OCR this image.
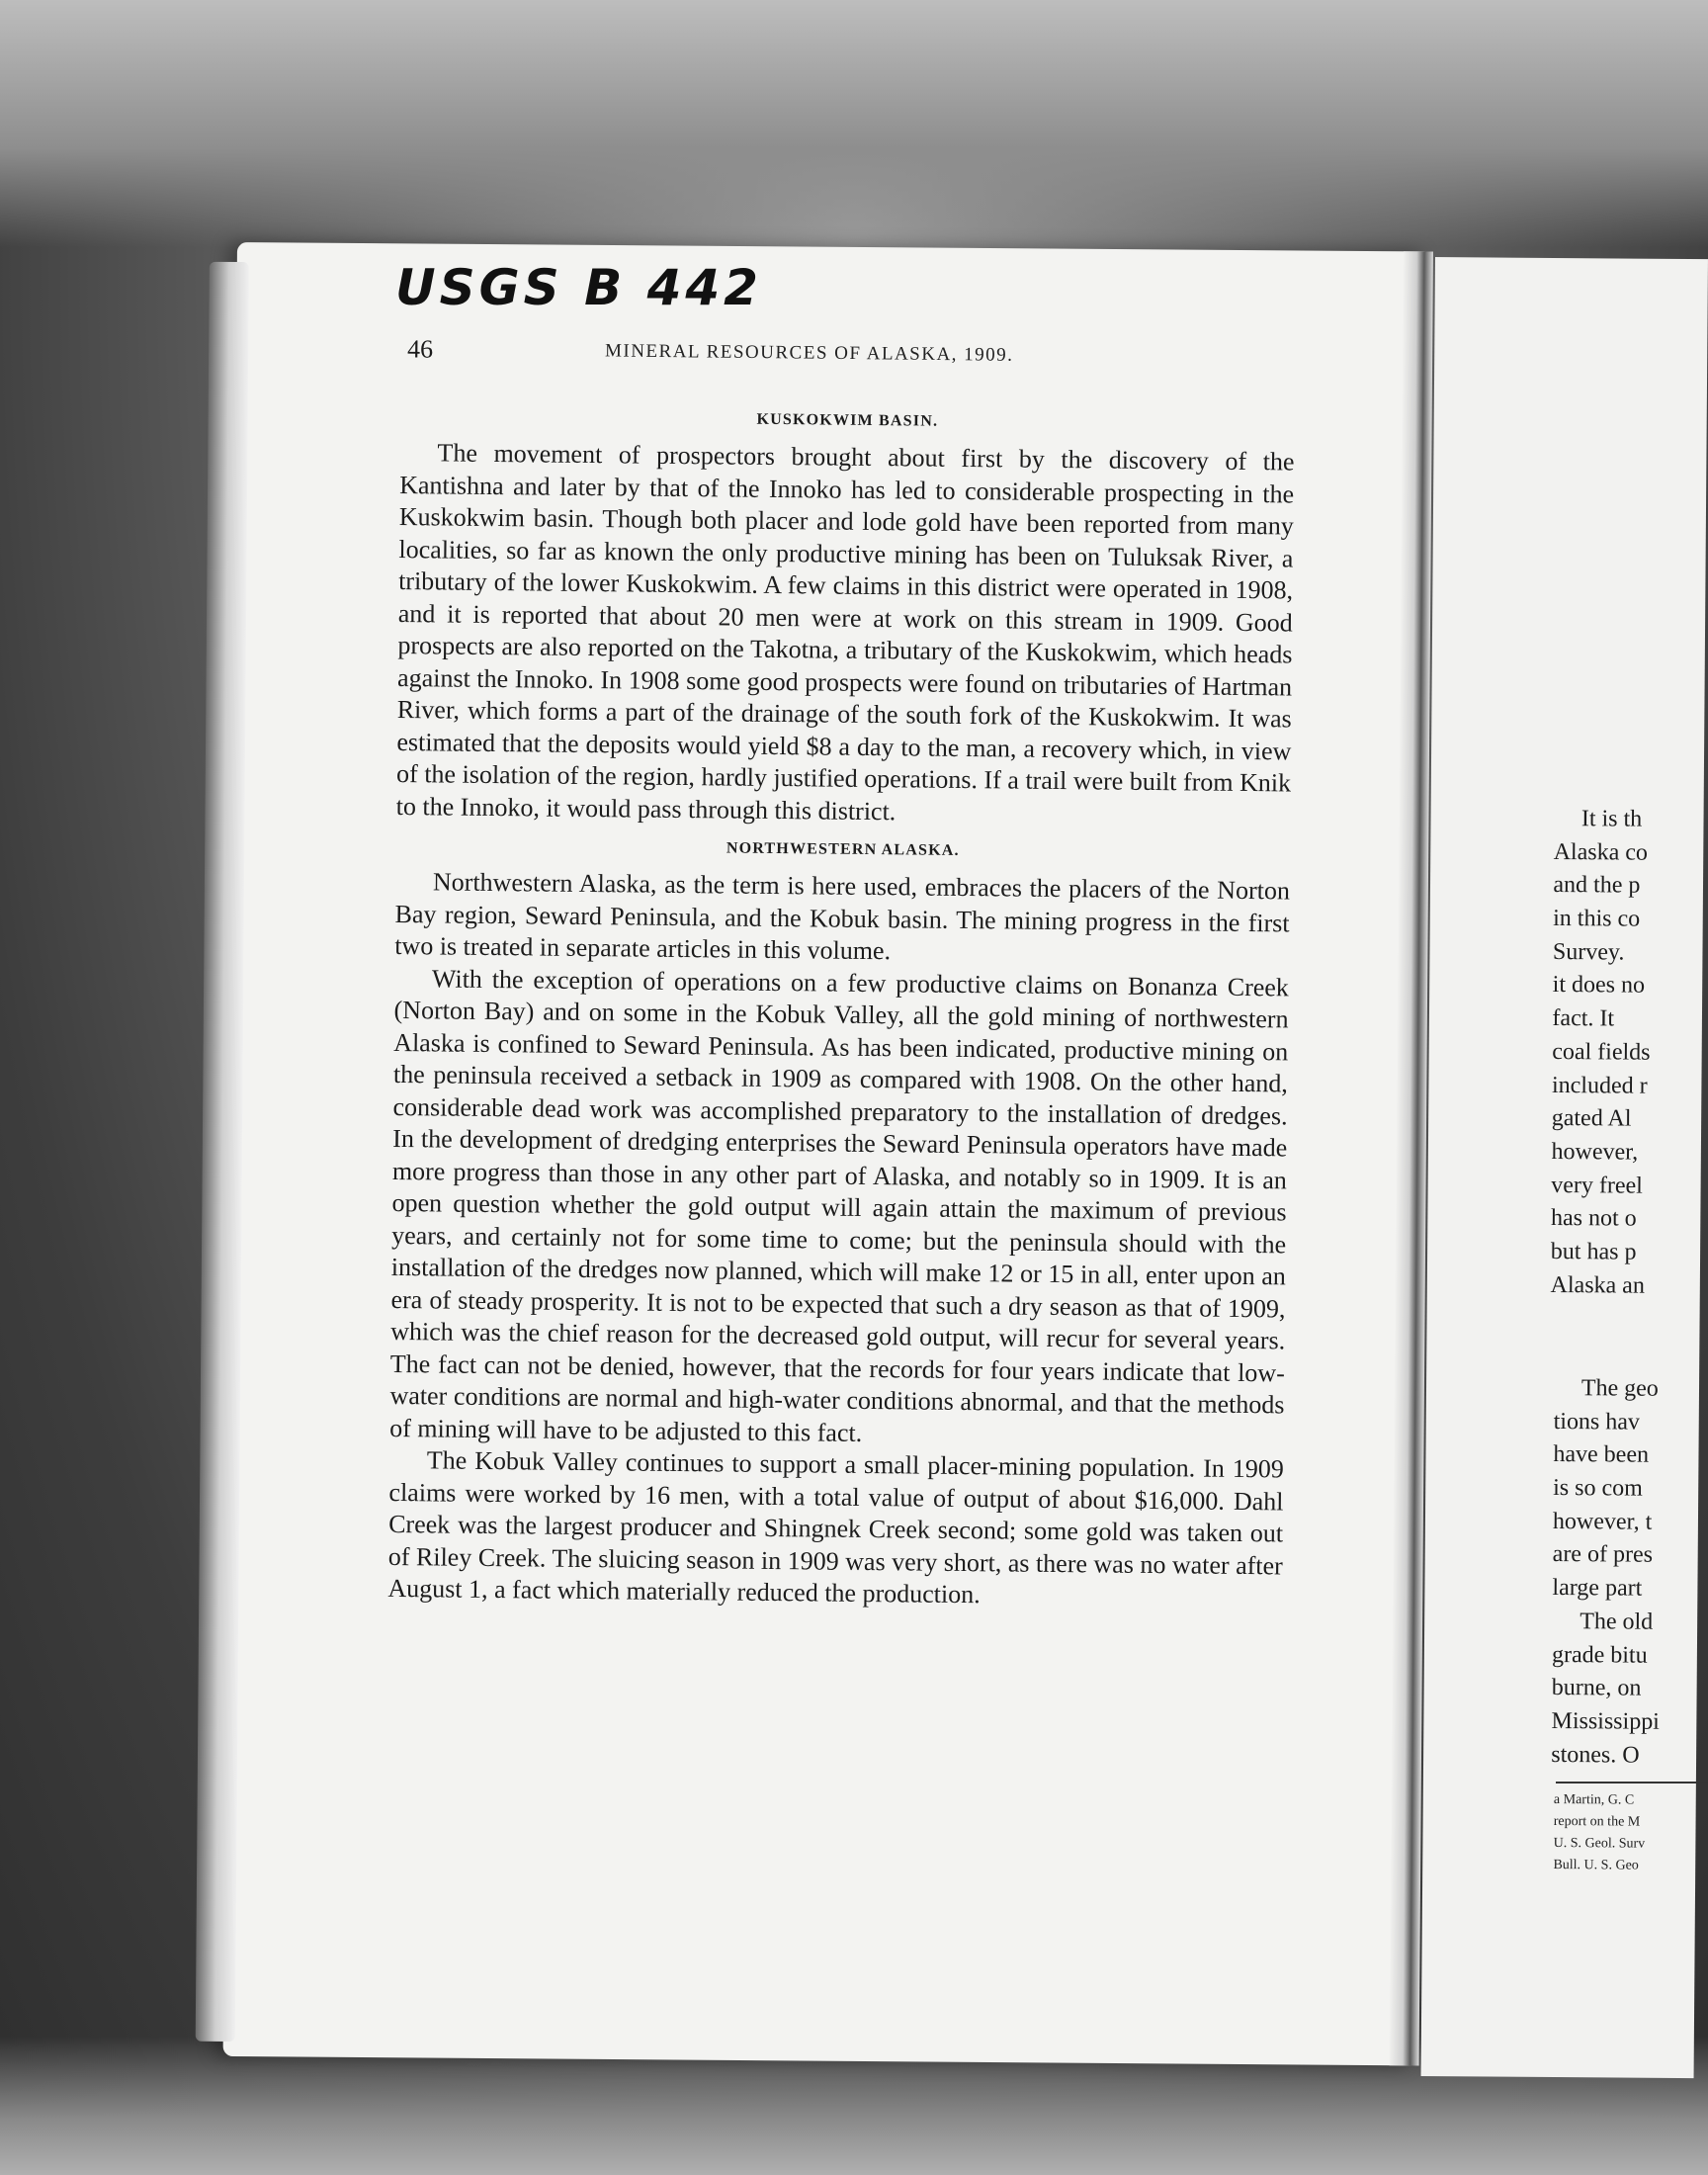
USGS B 442
46	MINERAL RESOURCES OF ALASKA, 1909.
KUSKOKWIM BASIN.

The movement of prospectors brought about first by the discovery of the Kantishna and later by that of the Innoko has led to considerable prospecting in the Kuskokwim basin. Though both placer and lode gold have been reported from many localities, so far as known the only productive mining has been on Tuluksak River, a tributary of the lower Kuskokwim. A few claims in this district were operated in 1908, and it is reported that about 20 men were at work on this stream in 1909. Good prospects are also reported on the Takotna, a tributary of the Kuskokwim, which heads against the Innoko. In 1908 some good prospects were found on tributaries of Hartman River, which forms a part of the drainage of the south fork of the Kuskokwim. It was estimated that the deposits would yield $8 a day to the man, a recovery which, in view of the isolation of the region, hardly justified operations. If a trail were built from Knik to the Innoko, it would pass through this district.

NORTHWESTERN ALASKA.

Northwestern Alaska, as the term is here used, embraces the placers of the Norton Bay region, Seward Peninsula, and the Kobuk basin. The mining progress in the first two is treated in separate articles in this volume.

With the exception of operations on a few productive claims on Bonanza Creek (Norton Bay) and on some in the Kobuk Valley, all the gold mining of northwestern Alaska is confined to Seward Peninsula. As has been indicated, productive mining on the peninsula received a setback in 1909 as compared with 1908. On the other hand, considerable dead work was accomplished preparatory to the installation of dredges. In the development of dredging enterprises the Seward Peninsula operators have made more progress than those in any other part of Alaska, and notably so in 1909. It is an open question whether the gold output will again attain the maximum of previous years, and certainly not for some time to come; but the peninsula should with the installation of the dredges now planned, which will make 12 or 15 in all, enter upon an era of steady prosperity. It is not to be expected that such a dry season as that of 1909, which was the chief reason for the decreased gold output, will recur for several years. The fact can not be denied, however, that the records for four years indicate that low-water conditions are normal and high-water conditions abnormal, and that the methods of mining will have to be adjusted to this fact.

The Kobuk Valley continues to support a small placer-mining population. In 1909 claims were worked by 16 men, with a total value of output of about $16,000. Dahl Creek was the largest producer and Shingnek Creek second; some gold was taken out of Riley Creek. The sluicing season in 1909 was very short, as there was no water after August 1, a fact which materially reduced the production.

It is th
Alaska co
and the p
in this co
Survey.
it does no
fact. It
coal fields
included r
gated Al
however,
very freel
has not o
but has p
Alaska an
The geo
tions hav
have been
is so com
however, t
are of pres
large part
The old
grade bitu
burne, on
Mississippi
stones. O
a Martin, G. C
report on the M
U. S. Geol. Surv
Bull. U. S. Geo
